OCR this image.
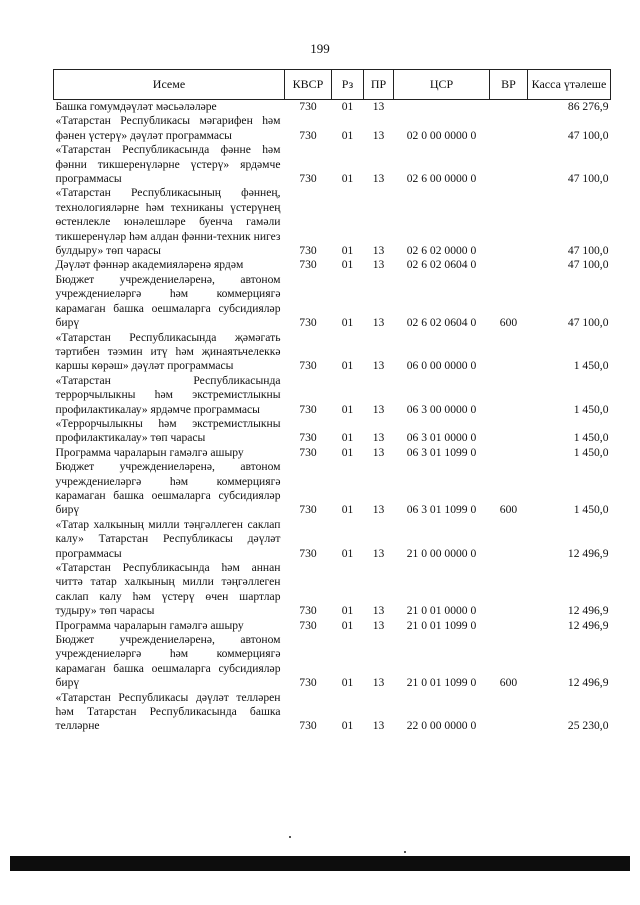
199
Исеме	КВСР	Рз	ПР	ЦСР	ВР	Касса үтәлеше
Башка гомумдәүләт мәсьәләләре	730	01	13			86 276,9
«Татарстан Республикасы мәгарифен һәм фәнен үстерү» дәүләт программасы	730	01	13	02 0 00 0000 0		47 100,0
«Татарстан Республикасында фәнне һәм фәнни тикшеренүләрне үстерү» ярдәмче программасы	730	01	13	02 6 00 0000 0		47 100,0
«Татарстан Республикасының фәннең, технологияләрне һәм техниканы үстерүнең өстенлекле юнәлешләре буенча гамәли тикшеренүләр һәм алдан фәнни-техник нигез булдыру» төп чарасы	730	01	13	02 6 02 0000 0		47 100,0
Дәүләт фәннәр академияләренә ярдәм	730	01	13	02 6 02 0604 0		47 100,0
Бюджет учреждениеләренә, автоном учреждениеләргә һәм коммерциягә карамаган башка оешмаларга субсидияләр бирү	730	01	13	02 6 02 0604 0	600	47 100,0
«Татарстан Республикасында җәмәгать тәртибен тәэмин итү һәм җинаятьчелеккә каршы көрәш» дәүләт программасы	730	01	13	06 0 00 0000 0		1 450,0
«Татарстан Республикасында террорчылыкны һәм экстремистлыкны профилактикалау» ярдәмче программасы	730	01	13	06 3 00 0000 0		1 450,0
«Террорчылыкны һәм экстремистлыкны профилактикалау» төп чарасы	730	01	13	06 3 01 0000 0		1 450,0
Программа чараларын гамәлгә ашыру	730	01	13	06 3 01 1099 0		1 450,0
Бюджет учреждениеләренә, автоном учреждениеләргә һәм коммерциягә карамаган башка оешмаларга субсидияләр бирү	730	01	13	06 3 01 1099 0	600	1 450,0
«Татар халкының милли тәңгәллеген саклап калу» Татарстан Республикасы дәүләт программасы	730	01	13	21 0 00 0000 0		12 496,9
«Татарстан Республикасында һәм аннан читтә татар халкының милли тәңгәллеген саклап калу һәм үстерү өчен шартлар тудыру» төп чарасы	730	01	13	21 0 01 0000 0		12 496,9
Программа чараларын гамәлгә ашыру	730	01	13	21 0 01 1099 0		12 496,9
Бюджет учреждениеләренә, автоном учреждениеләргә һәм коммерциягә карамаган башка оешмаларга субсидияләр бирү	730	01	13	21 0 01 1099 0	600	12 496,9
«Татарстан Республикасы дәүләт телләрен һәм Татарстан Республикасында башка телләрне	730	01	13	22 0 00 0000 0		25 230,0
